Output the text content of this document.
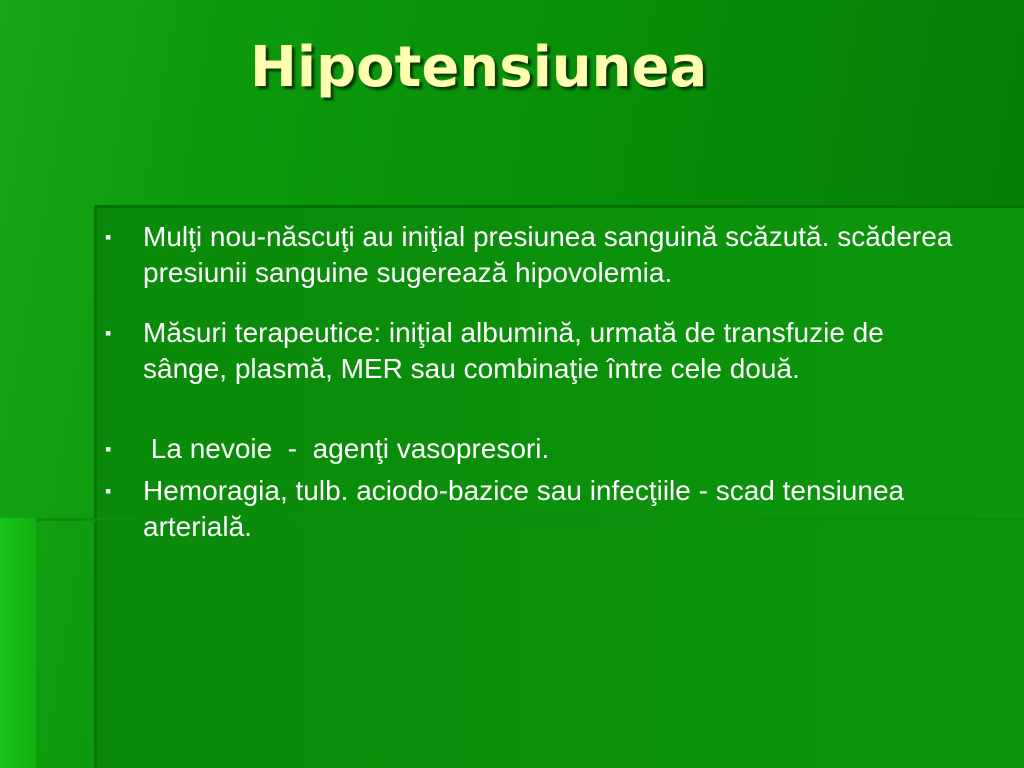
Hipotensiunea
▪	Mulţi nou-născuţi au iniţial presiunea sanguină scăzută. scăderea presiunii sanguine sugerează hipovolemia.
▪	Măsuri terapeutice: iniţial albumină, urmată de transfuzie de sânge, plasmă, MER sau combinaţie între cele două.
▪	La nevoie  -  agenţi vasopresori.
▪	Hemoragia, tulb. aciodo-bazice sau infecţiile - scad tensiunea arterială.
